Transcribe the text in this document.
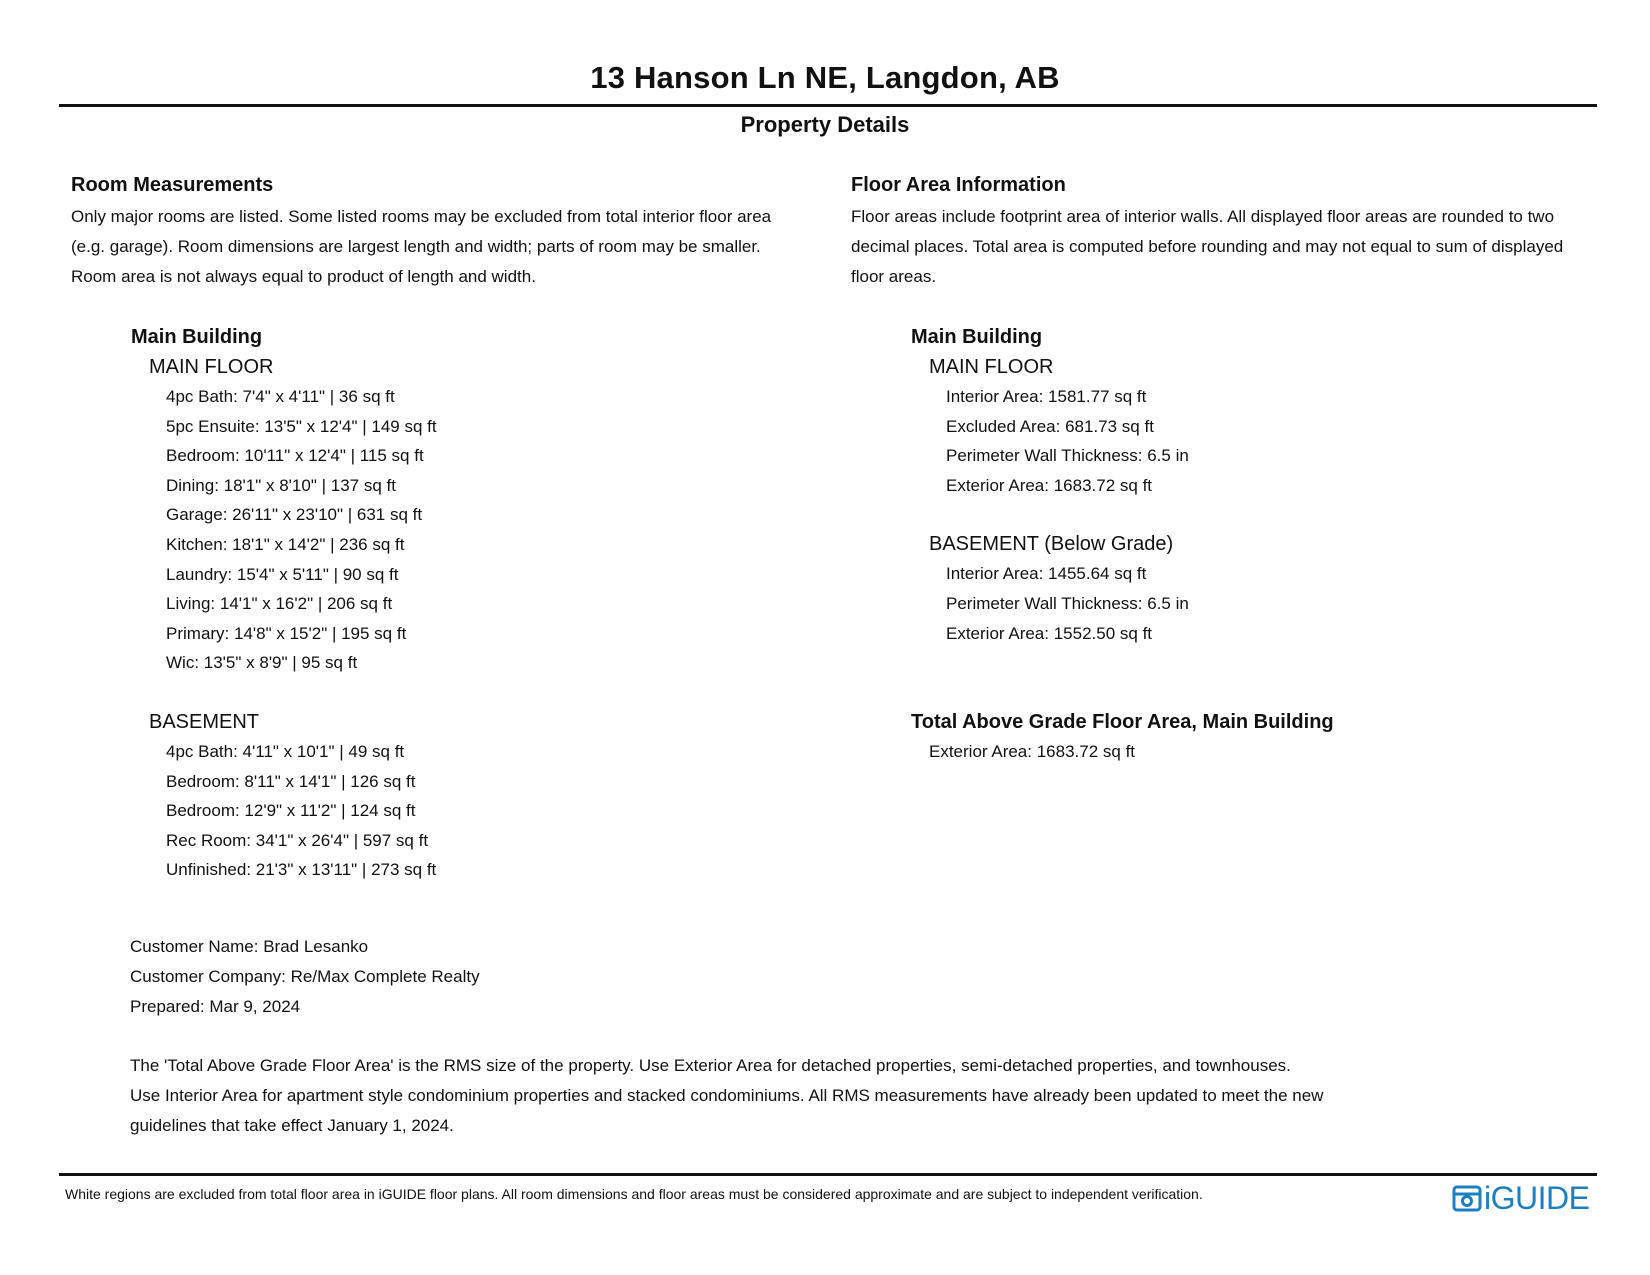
13 Hanson Ln NE, Langdon, AB
Property Details
Room Measurements

Only major rooms are listed. Some listed rooms may be excluded from total interior floor area
(e.g. garage). Room dimensions are largest length and width; parts of room may be smaller.
Room area is not always equal to product of length and width.

Main Building
MAIN FLOOR
4pc Bath: 7'4" x 4'11" | 36 sq ft
5pc Ensuite: 13'5" x 12'4" | 149 sq ft
Bedroom: 10'11" x 12'4" | 115 sq ft
Dining: 18'1" x 8'10" | 137 sq ft
Garage: 26'11" x 23'10" | 631 sq ft
Kitchen: 18'1" x 14'2" | 236 sq ft
Laundry: 15'4" x 5'11" | 90 sq ft
Living: 14'1" x 16'2" | 206 sq ft
Primary: 14'8" x 15'2" | 195 sq ft
Wic: 13'5" x 8'9" | 95 sq ft
BASEMENT
4pc Bath: 4'11" x 10'1" | 49 sq ft
Bedroom: 8'11" x 14'1" | 126 sq ft
Bedroom: 12'9" x 11'2" | 124 sq ft
Rec Room: 34'1" x 26'4" | 597 sq ft
Unfinished: 21'3" x 13'11" | 273 sq ft
Floor Area Information

Floor areas include footprint area of interior walls. All displayed floor areas are rounded to two
decimal places. Total area is computed before rounding and may not equal to sum of displayed
floor areas.

Main Building
MAIN FLOOR
Interior Area: 1581.77 sq ft
Excluded Area: 681.73 sq ft
Perimeter Wall Thickness: 6.5 in
Exterior Area: 1683.72 sq ft
BASEMENT (Below Grade)
Interior Area: 1455.64 sq ft
Perimeter Wall Thickness: 6.5 in
Exterior Area: 1552.50 sq ft
Total Above Grade Floor Area, Main Building
Exterior Area: 1683.72 sq ft
Customer Name: Brad Lesanko
Customer Company: Re/Max Complete Realty
Prepared: Mar 9, 2024

The 'Total Above Grade Floor Area' is the RMS size of the property. Use Exterior Area for detached properties, semi-detached properties, and townhouses.

Use Interior Area for apartment style condominium properties and stacked condominiums. All RMS measurements have already been updated to meet the new

guidelines that take effect January 1, 2024.

White regions are excluded from total floor area in iGUIDE floor plans. All room dimensions and floor areas must be considered approximate and are subject to independent verification.	iGUIDE
